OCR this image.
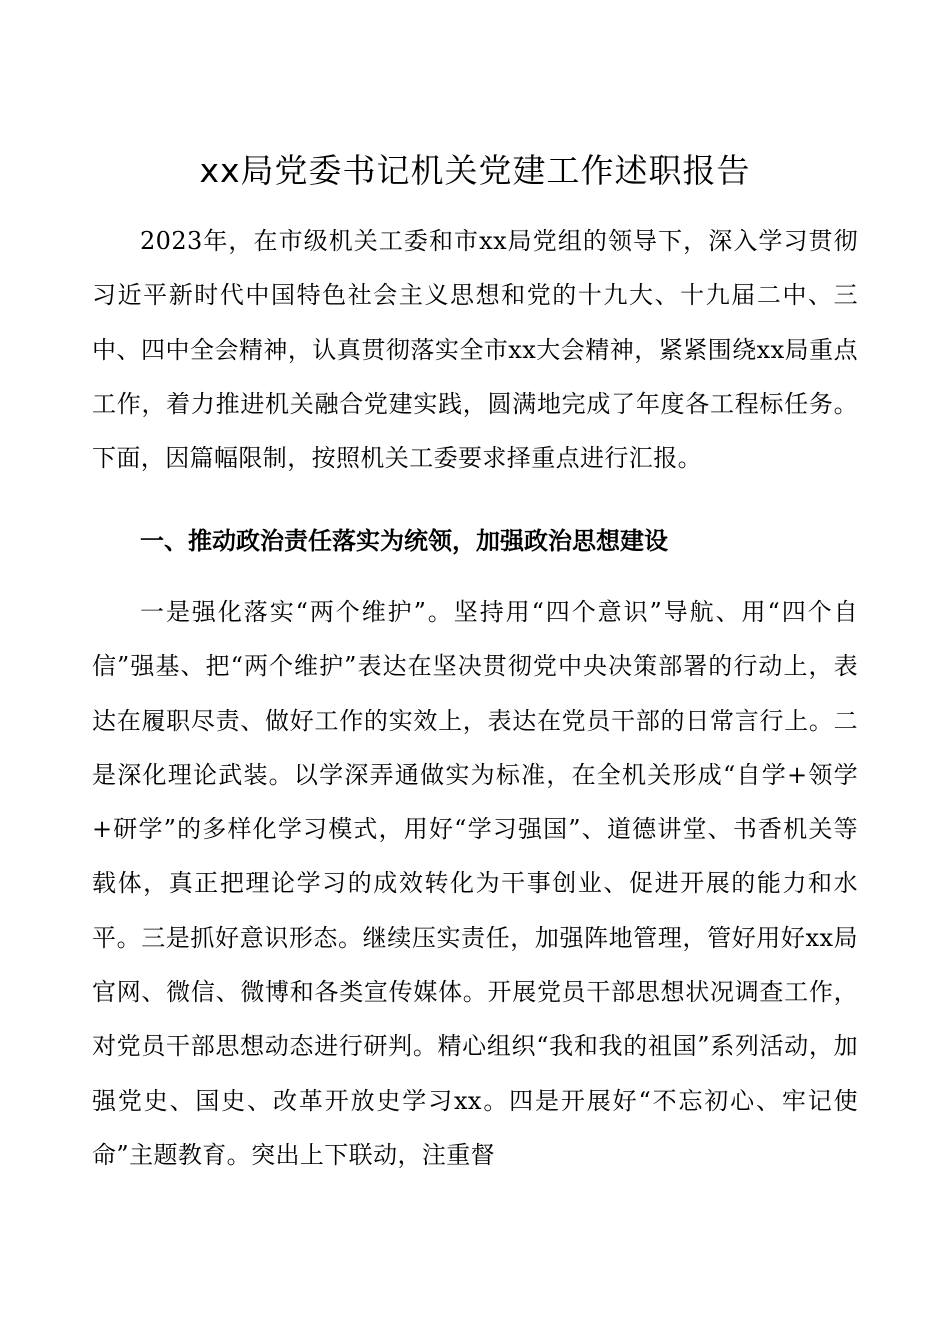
xx局党委书记机关党建工作述职报告

2023年，在市级机关工委和市xx局党组的领导下，深入学习贯彻习近平新时代中国特色社会主义思想和党的十九大、十九届二中、三中、四中全会精神，认真贯彻落实全市xx大会精神，紧紧围绕xx局重点工作，着力推进机关融合党建实践，圆满地完成了年度各工程标任务。下面，因篇幅限制，按照机关工委要求择重点进行汇报。

一、推动政治责任落实为统领，加强政治思想建设

一是强化落实“两个维护”。坚持用“四个意识”导航、用“四个自信”强基、把“两个维护”表达在坚决贯彻党中央决策部署的行动上，表达在履职尽责、做好工作的实效上，表达在党员干部的日常言行上。二是深化理论武装。以学深弄通做实为标准，在全机关形成“自学+领学+研学”的多样化学习模式，用好“学习强国”、道德讲堂、书香机关等载体，真正把理论学习的成效转化为干事创业、促进开展的能力和水平。三是抓好意识形态。继续压实责任，加强阵地管理，管好用好xx局官网、微信、微博和各类宣传媒体。开展党员干部思想状况调查工作，对党员干部思想动态进行研判。精心组织“我和我的祖国”系列活动，加强党史、国史、改革开放史学习xx。四是开展好“不忘初心、牢记使命”主题教育。突出上下联动，注重督
